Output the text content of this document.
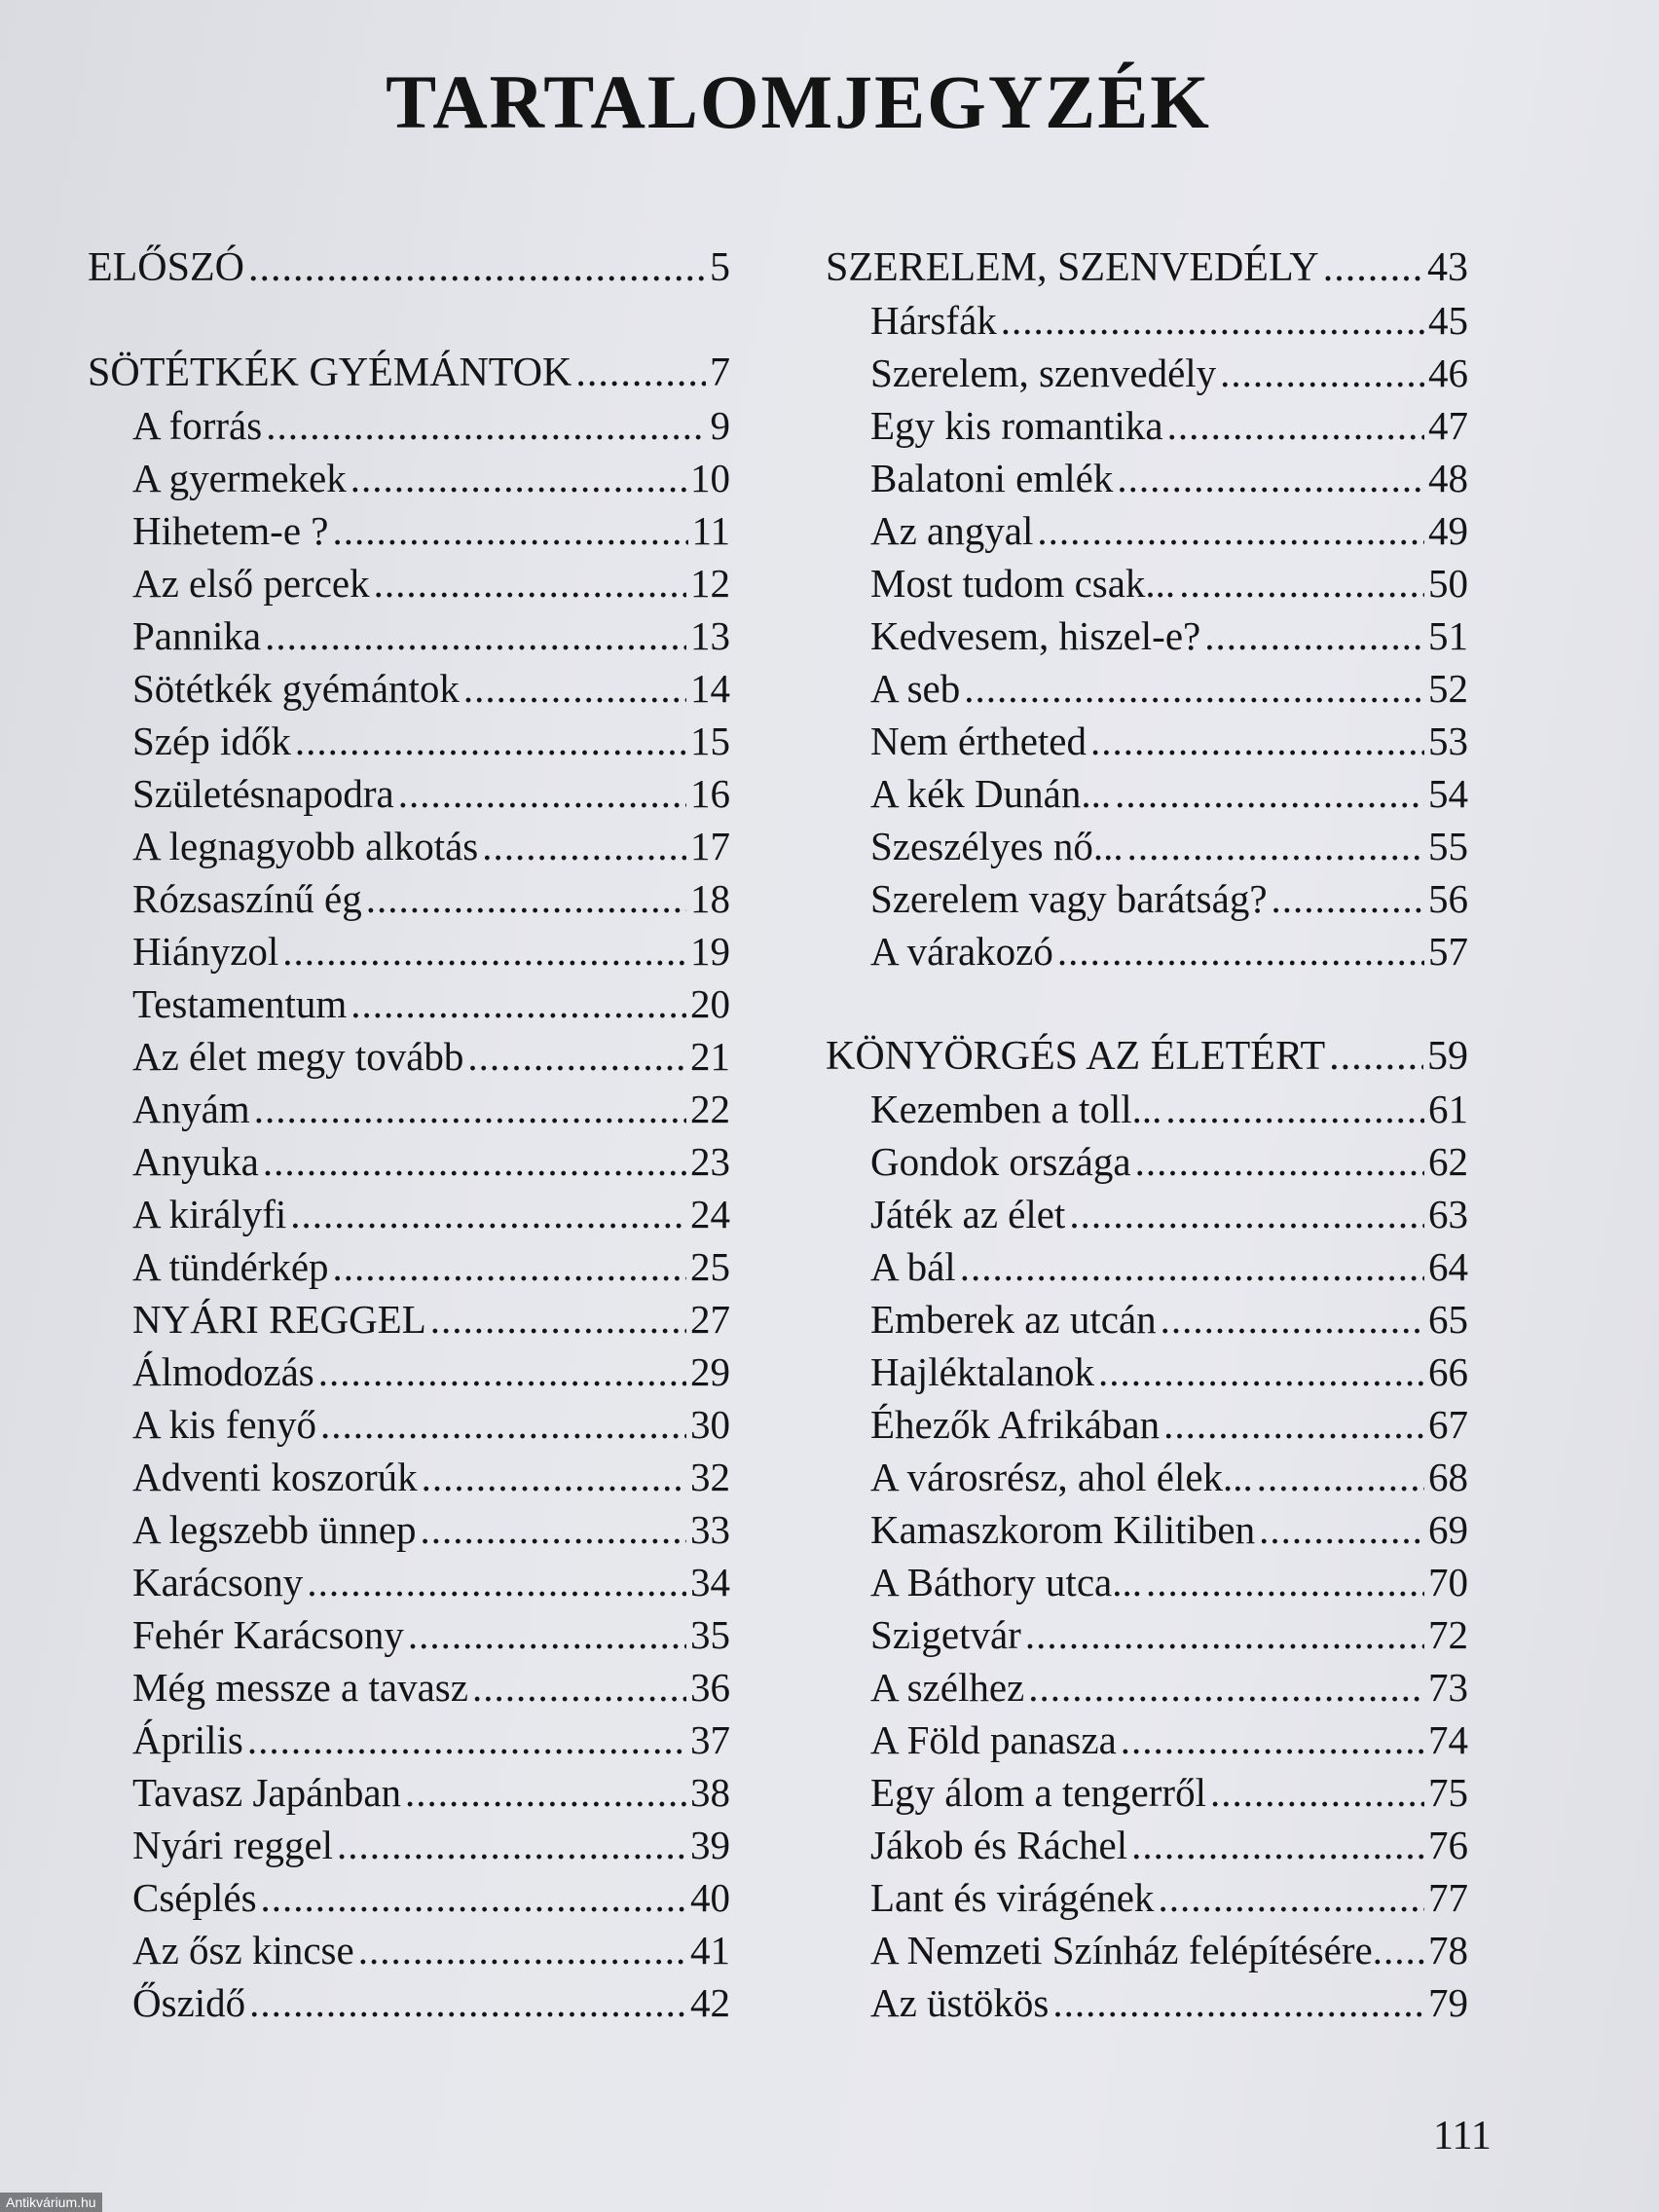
TARTALOMJEGYZÉK
ELŐSZÓ .....	5
SÖTÉTKÉK GYÉMÁNTOK .....	7
A forrás .....	9
A gyermekek .....	10
Hihetem-e ? .....	11
Az első percek .....	12
Pannika .....	13
Sötétkék gyémántok .....	14
Szép idők .....	15
Születésnapodra .....	16
A legnagyobb alkotás .....	17
Rózsaszínű ég .....	18
Hiányzol .....	19
Testamentum .....	20
Az élet megy tovább .....	21
Anyám .....	22
Anyuka .....	23
A királyfi .....	24
A tündérkép .....	25
NYÁRI REGGEL .....	27
Álmodozás .....	29
A kis fenyő .....	30
Adventi koszorúk .....	32
A legszebb ünnep .....	33
Karácsony .....	34
Fehér Karácsony .....	35
Még messze a tavasz .....	36
Április .....	37
Tavasz Japánban .....	38
Nyári reggel .....	39
Cséplés .....	40
Az ősz kincse .....	41
Őszidő .....	42
SZERELEM, SZENVEDÉLY .....	43
Hársfák .....	45
Szerelem, szenvedély .....	46
Egy kis romantika .....	47
Balatoni emlék .....	48
Az angyal .....	49
Most tudom csak... .....	50
Kedvesem, hiszel-e? .....	51
A seb .....	52
Nem értheted .....	53
A kék Dunán... .....	54
Szeszélyes nő... .....	55
Szerelem vagy barátság? .....	56
A várakozó .....	57
KÖNYÖRGÉS AZ ÉLETÉRT ..... 59
Kezemben a toll... .....	61
Gondok országa .....	62
Játék az élet .....	63
A bál .....	64
Emberek az utcán .....	65
Hajléktalanok .....	66
Éhezők Afrikában .....	67
A városrész, ahol élek... .....	68
Kamaszkorom Kilitiben .....	69
A Báthory utca... .....	70
Szigetvár .....	72
A szélhez .....	73
A Föld panasza .....	74
Egy álom a tengerről .....	75
Jákob és Ráchel .....	76
Lant és virágének .....	77
A Nemzeti Színház felépítésére ..... 78
Az üstökös .....	79
111
Antikvárium.hu
